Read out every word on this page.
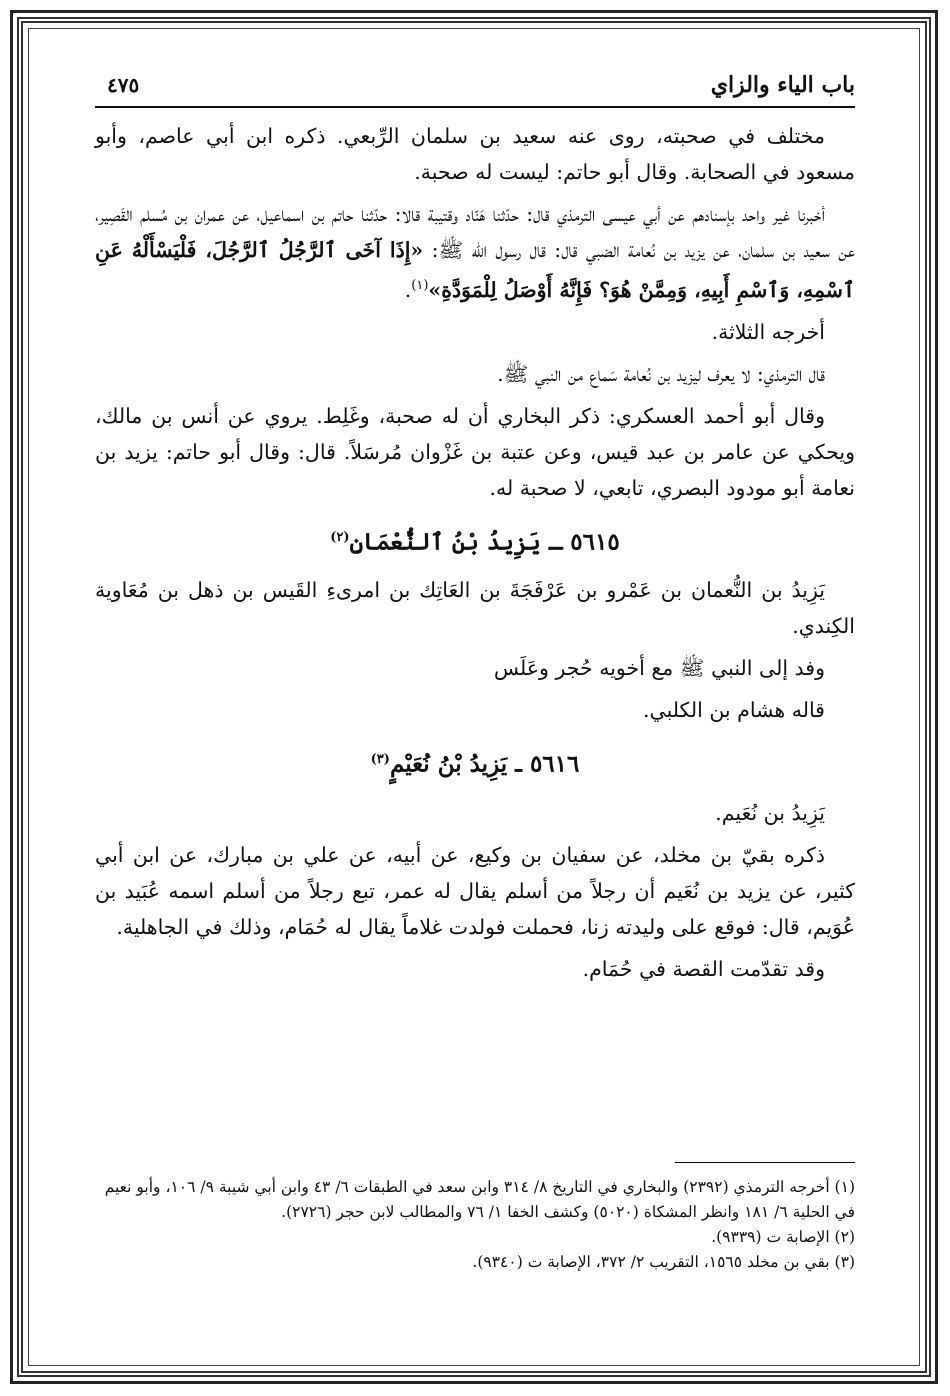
باب الياء والزاي
٤٧٥

مختلف في صحبته، روى عنه سعيد بن سلمان الرِّبعي. ذكره ابن أبي عاصم، وأبو مسعود في الصحابة. وقال أبو حاتم: ليست له صحبة.

أخبرنا غير واحد بإسنادهم عن أبي عيسى الترمذي قال: حدّثنا هَنّاد وقتيبة قالا: حدّثنا حاتم بن اسماعيل، عن عمران بن مُسلم القَصِير، عن سعيد بن سلمان، عن يزيد بن نُعامة الضبي قال: قال رسول الله ﷺ: «إِذَا آخَى ٱلرَّجُلُ ٱلرَّجُلَ، فَلْيَسْأَلْهُ عَنِ ٱسْمِهِ، وَٱسْمِ أَبِيهِ، وَمِمَّنْ هُوَ؟ فَإِنَّهُ أَوْصَلُ لِلْمَوَدَّةِ»$^{(١)}$.

أخرجه الثلاثة.

قال الترمذي: لا يعرف ليزيد بن نُعامة سَماع من النبي ﷺ.

وقال أبو أحمد العسكري: ذكر البخاري أن له صحبة، وغَلِط. يروي عن أنس بن مالك، ويحكي عن عامر بن عبد قيس، وعن عتبة بن غَزْوان مُرسَلاً. قال: وقال أبو حاتم: يزيد بن نعامة أبو مودود البصري، تابعي، لا صحبة له.

٥٦١٥ ـ يَزِيدُ بْنُ ٱلنُّعْمَانِ$^{(٢)}$

يَزِيدُ بن النُّعمان بن عَمْرو بن عَرْفَجَةَ بن العَاتِك بن امرىءِ القَيس بن ذهل بن مُعَاوية الكِندي.

وفد إلى النبي ﷺ مع أخويه حُجر وعَلَس

قاله هشام بن الكلبي.

٥٦١٦ ـ يَزِيدُ بْنُ نُعَيْمٍ$^{(٣)}$

يَزِيدُ بن نُعَيم.

ذكره بقيّ بن مخلد، عن سفيان بن وكيع، عن أبيه، عن علي بن مبارك، عن ابن أبي كثير، عن يزيد بن نُعَيم أن رجلاً من أسلم يقال له عمر، تبع رجلاً من أسلم اسمه عُبَيد بن عُوَيم، قال: فوقع على وليدته زنا، فحملت فولدت غلاماً يقال له حُمَام، وذلك في الجاهلية.

وقد تقدّمت القصة في حُمَام.

(١) أخرجه الترمذي (٢٣٩٢) والبخاري في التاريخ ٨/ ٣١٤ وابن سعد في الطبقات ٦/ ٤٣ وابن أبي شيبة ٩/ ١٠٦، وأبو نعيم في الحلية ٦/ ١٨١ وانظر المشكاة (٥٠٢٠) وكشف الخفا ١/ ٧٦ والمطالب لابن حجر (٢٧٢٦).

(٢) الإصابة ت (٩٣٣٩).

(٣) بقي بن مخلد ١٥٦٥، التقريب ٢/ ٣٧٢، الإصابة ت (٩٣٤٠).
